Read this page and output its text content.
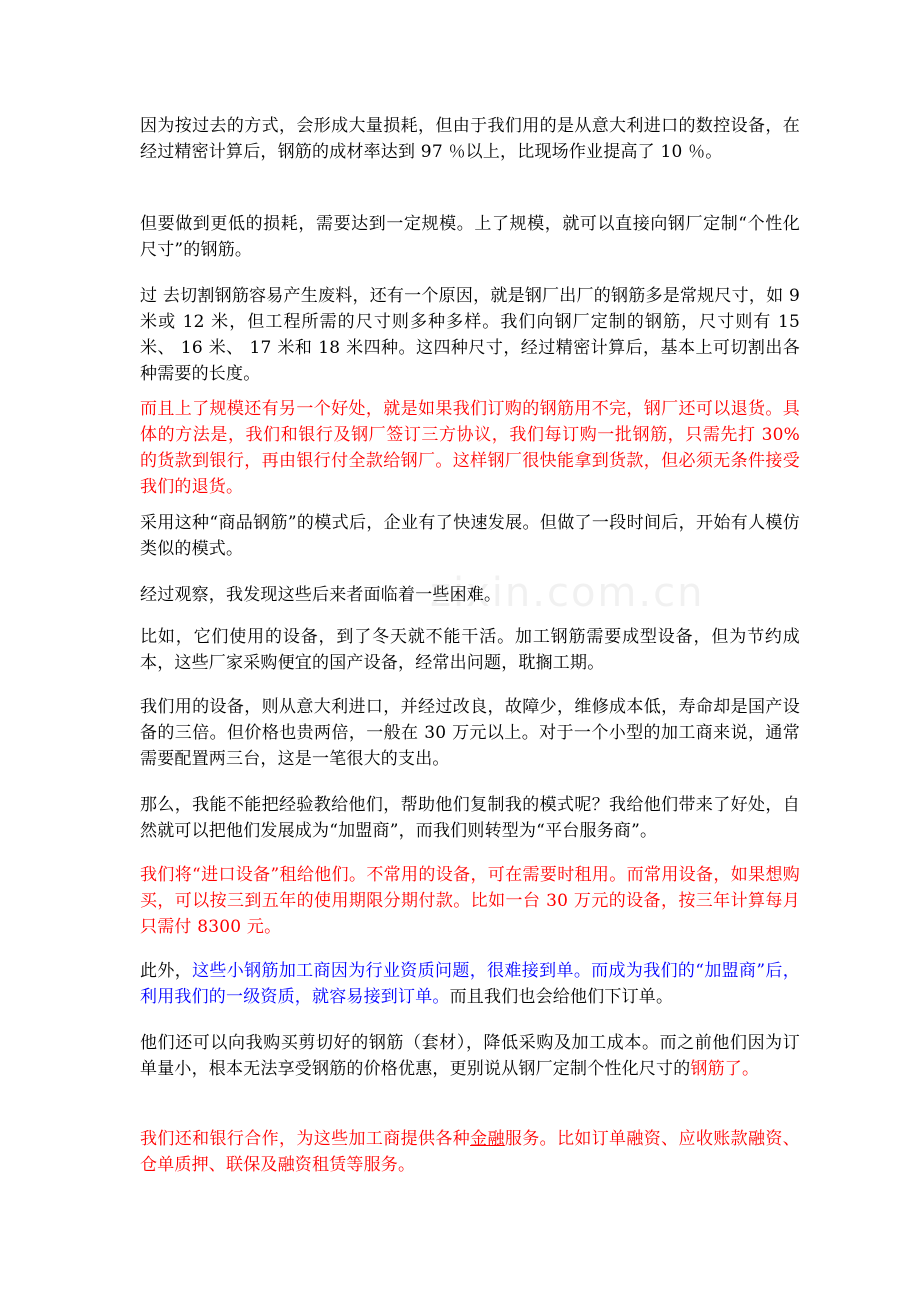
zixin.com.cn

因为按过去的方式，会形成大量损耗，但由于我们用的是从意大利进口的数控设备，在经过精密计算后，钢筋的成材率达到 97 ％以上，比现场作业提高了 10 ％。

但要做到更低的损耗，需要达到一定规模。上了规模，就可以直接向钢厂定制“个性化尺寸”的钢筋。

过 去切割钢筋容易产生废料，还有一个原因，就是钢厂出厂的钢筋多是常规尺寸，如 9 米或 12 米，但工程所需的尺寸则多种多样。我们向钢厂定制的钢筋，尺寸则有 15 米、 16 米、 17 米和 18 米四种。这四种尺寸，经过精密计算后，基本上可切割出各种需要的长度。

而且上了规模还有另一个好处，就是如果我们订购的钢筋用不完，钢厂还可以退货。具体的方法是，我们和银行及钢厂签订三方协议，我们每订购一批钢筋，只需先打 30% 的货款到银行，再由银行付全款给钢厂。这样钢厂很快能拿到货款，但必须无条件接受我们的退货。

采用这种“商品钢筋”的模式后，企业有了快速发展。但做了一段时间后，开始有人模仿类似的模式。

经过观察，我发现这些后来者面临着一些困难。

比如，它们使用的设备，到了冬天就不能干活。加工钢筋需要成型设备，但为节约成本，这些厂家采购便宜的国产设备，经常出问题，耽搁工期。

我们用的设备，则从意大利进口，并经过改良，故障少，维修成本低，寿命却是国产设备的三倍。但价格也贵两倍，一般在 30 万元以上。对于一个小型的加工商来说，通常需要配置两三台，这是一笔很大的支出。

那么，我能不能把经验教给他们，帮助他们复制我的模式呢？我给他们带来了好处，自然就可以把他们发展成为“加盟商”，而我们则转型为“平台服务商”。

我们将“进口设备”租给他们。不常用的设备，可在需要时租用。而常用设备，如果想购买，可以按三到五年的使用期限分期付款。比如一台 30 万元的设备，按三年计算每月只需付 8300 元。

此外，这些小钢筋加工商因为行业资质问题，很难接到单。而成为我们的“加盟商”后，利用我们的一级资质，就容易接到订单。而且我们也会给他们下订单。

他们还可以向我购买剪切好的钢筋（套材），降低采购及加工成本。而之前他们因为订单量小，根本无法享受钢筋的价格优惠，更别说从钢厂定制个性化尺寸的钢筋了。

我们还和银行合作，为这些加工商提供各种金融服务。比如订单融资、应收账款融资、仓单质押、联保及融资租赁等服务。
